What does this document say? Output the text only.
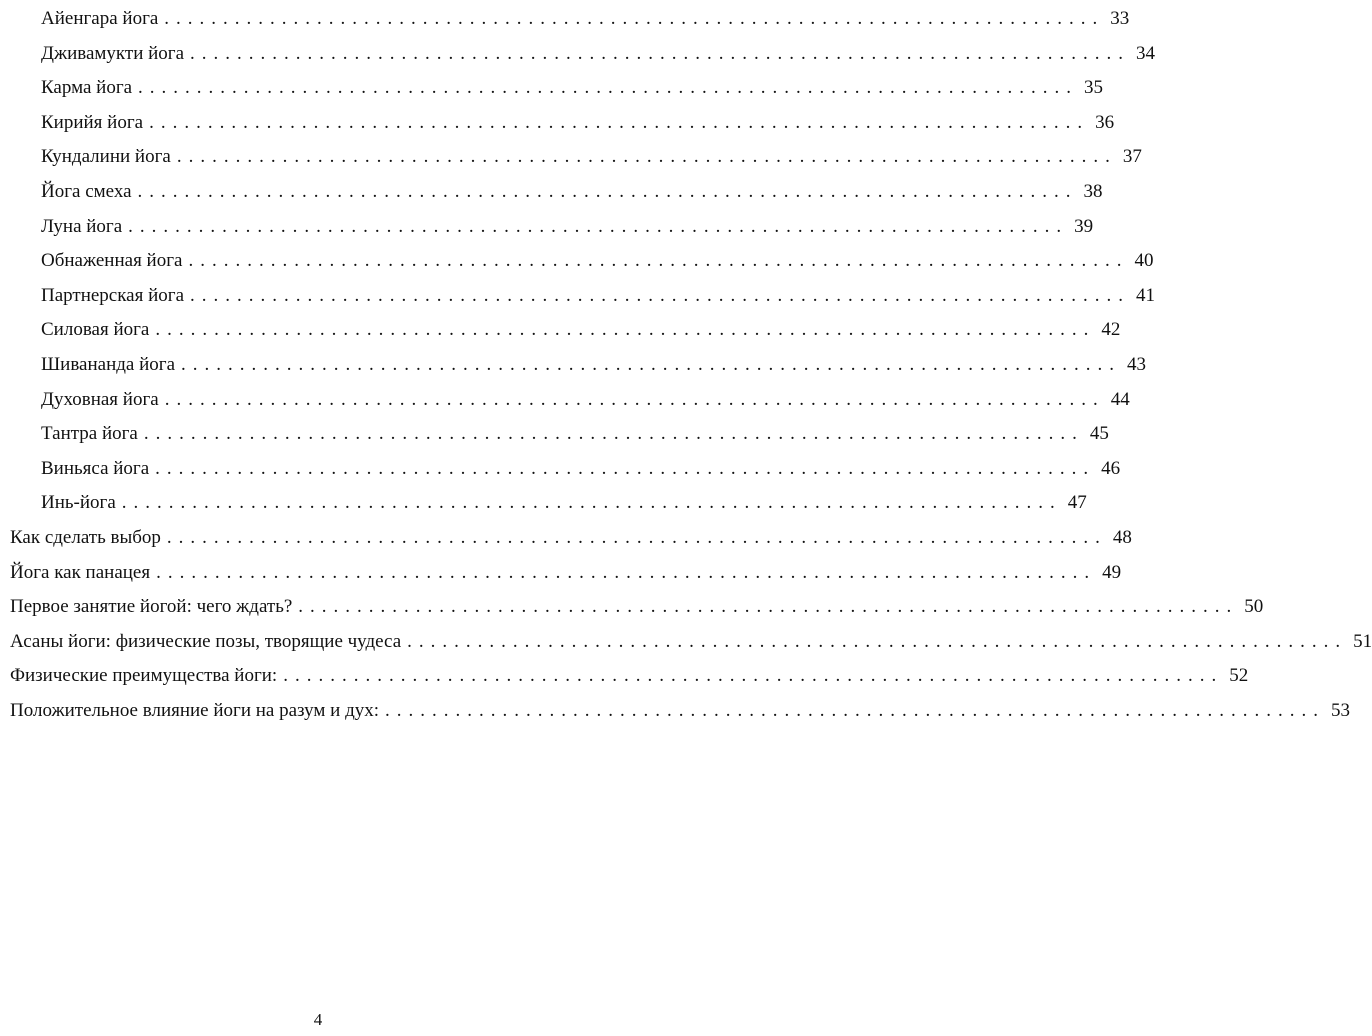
Айенгара йога ................................................................................ 33
Дживамукти йога ................................................................................ 34
Карма йога ................................................................................ 35
Кирийя йога ................................................................................ 36
Кундалини йога ................................................................................ 37
Йога смеха ................................................................................ 38
Луна йога ................................................................................ 39
Обнаженная йога ................................................................................ 40
Партнерская йога ................................................................................ 41
Силовая йога ................................................................................ 42
Шивананда йога ................................................................................ 43
Духовная йога ................................................................................ 44
Тантра йога ................................................................................ 45
Виньяса йога ................................................................................ 46
Инь-йога ................................................................................ 47
Как сделать выбор ................................................................................ 48
Йога как панацея ................................................................................ 49
Первое занятие йогой: чего ждать? ................................................................................ 50
Асаны йоги: физические позы, творящие чудеса ................................................................................ 51
Физические преимущества йоги: ................................................................................ 52
Положительное влияние йоги на разум и дух: ................................................................................ 53
4
